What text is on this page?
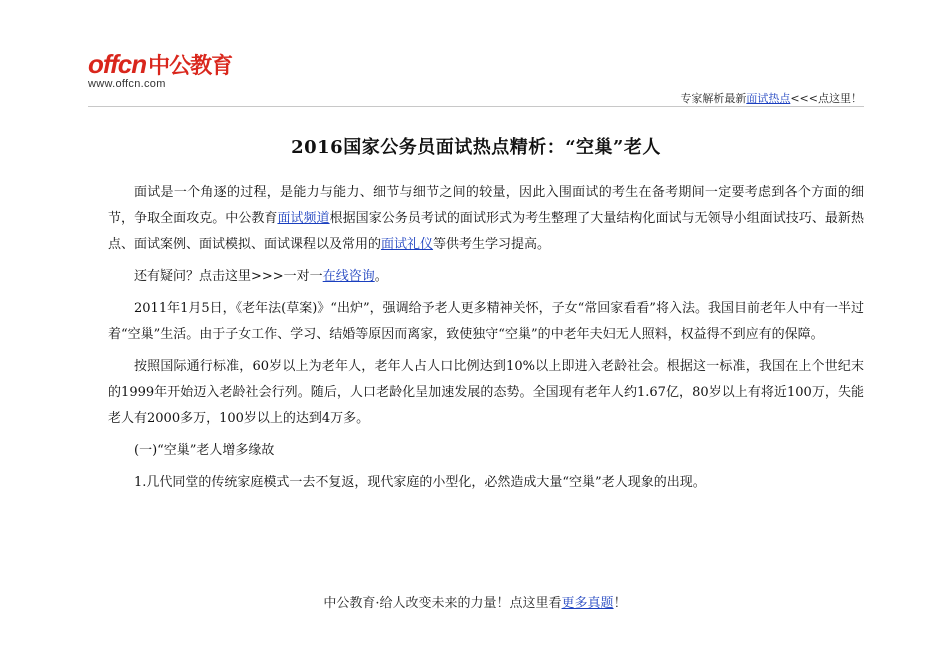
offcn中公教育
www.offcn.com
专家解析最新面试热点<<<点这里！
2016国家公务员面试热点精析：“空巢”老人

面试是一个角逐的过程，是能力与能力、细节与细节之间的较量，因此入围面试的考生在备考期间一定要考虑到各个方面的细节，争取全面攻克。中公教育面试频道根据国家公务员考试的面试形式为考生整理了大量结构化面试与无领导小组面试技巧、最新热点、面试案例、面试模拟、面试课程以及常用的面试礼仪等供考生学习提高。

还有疑问？点击这里>>>一对一在线咨询。

2011年1月5日，《老年法(草案)》“出炉”，强调给予老人更多精神关怀，子女“常回家看看”将入法。我国目前老年人中有一半过着“空巢”生活。由于子女工作、学习、结婚等原因而离家，致使独守“空巢”的中老年夫妇无人照料，权益得不到应有的保障。

按照国际通行标准，60岁以上为老年人，老年人占人口比例达到10%以上即进入老龄社会。根据这一标准，我国在上个世纪末的1999年开始迈入老龄社会行列。随后，人口老龄化呈加速发展的态势。全国现有老年人约1.67亿，80岁以上有将近100万，失能老人有2000多万，100岁以上的达到4万多。

(一)“空巢”老人增多缘故

1.几代同堂的传统家庭模式一去不复返，现代家庭的小型化，必然造成大量“空巢”老人现象的出现。

中公教育·给人改变未来的力量！点这里看更多真题！
